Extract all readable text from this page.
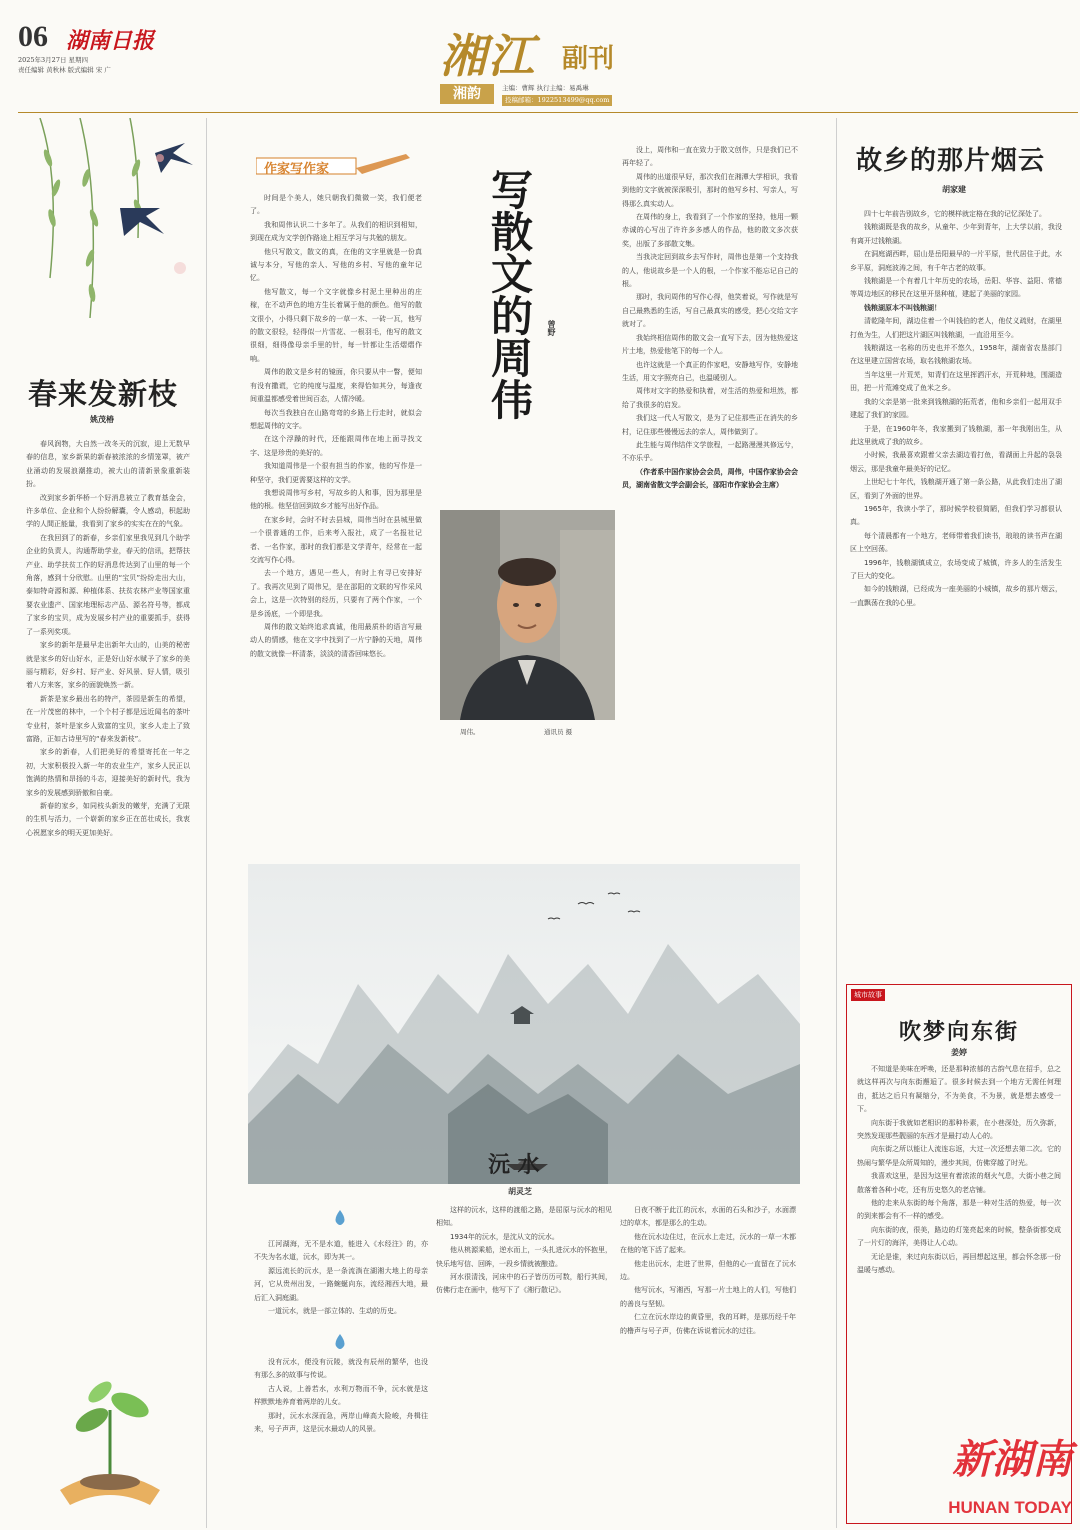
06 湖南日报
2025年3月27日 星期四
责任编辑 黄秋林 版式编辑 宋 广	湘江 副刊
湘韵	主编：曹辉 执行主编：易禹琳
投稿邮箱：1922513499@qq.com
春来发新枝
姚茂椿

春风润物，大自然一改冬天的沉寂，迎上无数早春的信息，家乡新果的新春被浓浓的乡情笼罩，被产业涌动的发展浪潮推动，被大山的清新景象重新装扮。

改到家乡新华桥一个好消息被立了教育基金会，许多单位、企业和个人纷纷解囊，令人感动，积起助学的人間正能量，我看到了家乡的实实在在的气象。

在我回到了的新春，乡亲们家里我见到几个助学企业的负责人，沟通帮助学业，春天的信讯，把帮扶产业、助学扶贫工作的好消息传达到了山里的每一个角落，感到十分欣慰。山里的“宝贝”纷纷走出大山，泰如特奇源和源、种植体系、扶贫农林产业等国家重要农业遗产、国家地理标志产品、源名符号等，都成了家乡的宝贝，成为发展乡村产业的重要抓手，获得了一系列奖项。

家乡的新年是最早走出新年大山的，山美的秘密就是家乡的好山好水，正是好山好水赋予了家乡的美丽与精彩，好乡村、好产业、好风景、好人情，吸引着八方来客，家乡的面貌焕然一新。

新茶是家乡最出名的特产，茶园是新生的希望，在一片茂密的林中，一个个村子都是远近闻名的茶叶专业村，茶叶是家乡人致富的宝贝，家乡人走上了致富路，正如古诗里写的“春来发新枝”。

家乡的新春，人们把美好的希望寄托在一年之初，大家积极投入新一年的农业生产，家乡人民正以饱满的热情和昂扬的斗志，迎接美好的新时代，我为家乡的发展感到骄傲和自豪。

新春的家乡，如同枝头新发的嫩芽，充满了无限的生机与活力，一个崭新的家乡正在茁壮成长，我衷心祝愿家乡的明天更加美好。

作家写作家

时间是个美人，她只朝我们微微一笑，我们便老了。

我和周伟认识二十多年了。从我们的相识到相知，到现在成为文学创作路途上相互学习与共勉的朋友。

他只写散文，散文的真，在他的文字里就是一份真诚与本分，写他的亲人、写他的乡村、写他的童年记忆。

他写散文，每一个文字就像乡村泥土里种出的庄稼，在不动声色的地方生长着属于他的颜色。他写的散文很小，小得只剩下故乡的一草一木、一砖一瓦，他写的散文很轻，轻得似一片雪花、一根羽毛，他写的散文很细，细得像母亲手里的针，每一针都让生活熠熠作响。

周伟的散文是乡村的镜面，你只要从中一瞥，便知有没有撒谎，它的纯度与温度，来得恰如其分，每逢夜间重温都感受着世间百态，人情冷暖。

每次当我独自在山路弯弯的乡路上行走时，就似会想起周伟的文字。

在这个浮躁的时代，还能跟周伟在地上面寻找文字、这是珍贵的美好的。

我知道周伟是一个很有担当的作家，他的写作是一种坚守，我们更需要这样的文学。

我想说周伟写乡村，写故乡的人和事，因为那里是他的根。他坚信回到故乡才能写出好作品。

在家乡时，会时不时去县城，周伟当时在县城里做一个很普通的工作，后来考入报社，成了一名报社记者、一名作家，那时的我们都是文学青年，经常在一起交流写作心得。

去一个地方，遇见一些人，有时上有寻已安排好了。我再次见到了周伟兄，是在邵阳的文联的写作采风会上，这是一次特别的经历，只要有了两个作家，一个是乡汤底，一个即是我。

周伟的散文始终追求真诚，他用最质朴的语言写最动人的情感，他在文字中找到了一片宁静的天地，周伟的散文就像一杯清茶，淡淡的清香回味悠长。

写散文的周伟	曾野
周伟。	通讯员 摄

没上，周伟和一直在致力于散文创作，只是我们已不再年轻了。

周伟的出道很早好，那次我们在湘潭大学相识，我看到他的文字就被深深吸引，那时的他写乡村、写亲人，写得那么真实动人。

在周伟的身上，我看到了一个作家的坚持，他用一颗赤诚的心写出了许许多多感人的作品，他的散文多次获奖，出版了多部散文集。

当我决定回到故乡去写作时，周伟也是第一个支持我的人，他说故乡是一个人的根，一个作家不能忘记自己的根。

那时，我问周伟的写作心得，他笑着说，写作就是写自己最熟悉的生活，写自己最真实的感受，把心交给文字就对了。

我始终相信周伟的散文会一直写下去，因为他热爱这片土地，热爱他笔下的每一个人。

也许这就是一个真正的作家吧，安静地写作，安静地生活，用文字照亮自己，也温暖别人。

周伟对文字的热爱和执着，对生活的热爱和坦然，都给了我很多的启发。

我们这一代人写散文，是为了记住那些正在消失的乡村，记住那些慢慢远去的亲人，周伟做到了。

此生能与周伟结伴文学旅程，一起路漫漫其修远兮，不亦乐乎。

（作者系中国作家协会会员，周伟，中国作家协会会员，湖南省散文学会副会长，邵阳市作家协会主席）

沅 水
胡灵芝

江河湖海，无不是水道，能进入《水经注》的，亦不失为名水道，沅水，即为其一。

源远流长的沅水，是一条流淌在湖湘大地上的母亲河，它从贵州出发，一路蜿蜒向东，流经湘西大地，最后汇入洞庭湖。

一道沅水，就是一部立体的、生动的历史。

没有沅水，便没有沅陵，就没有辰州的繁华，也没有那么多的故事与传说。

古人说，上善若水，水利万物而不争，沅水就是这样默默地养育着两岸的儿女。

那时，沅水水深而急，两岸山峰高大险峻，舟楫往来，号子声声，这是沅水最动人的风景。

这样的沅水，这样的渡船之路，是屈原与沅水的相见相知。

1934年的沅水，是沈从文的沅水。

他从桃源乘船，逆水而上，一头扎进沅水的怀抱里，快乐地写信、回眸，一段乡情就被酿造。

河水很清浅，河床中的石子皆历历可数，船行其间，仿佛行走在画中，他写下了《湘行散记》。

日夜不断于此江的沅水，水面的石头和沙子，水面漂过的草木，都是那么的生动。

他在沅水边住过，在沅水上走过，沅水的一草一木都在他的笔下活了起来。

他走出沅水，走进了世界，但他的心一直留在了沅水边。

他写沅水，写湘西，写那一片土地上的人们，写他们的善良与坚韧。

仁立在沅水岸边的黄昏里，我的耳畔，是那历经千年的橹声与号子声，仿佛在诉说着沅水的过往。

故乡的那片烟云
胡家建

四十七年前告别故乡，它的模样就定格在我的记忆深处了。

钱粮湖既是我的故乡，从童年、少年到青年，上大学以前，我没有离开过钱粮湖。

在洞庭湖西畔，屈山是岳阳最早的一片平原，世代居住于此，水乡平原，洞庭波涛之间，有千年古老的故事。

钱粮湖是一个有着几十年历史的农场，岳阳、华容、益阳、常德等周边地区的移民在这里开垦种植，建起了美丽的家园。

钱粮湖原本不叫钱粮湖！

清乾隆年间，湖边住着一个叫钱伯的老人，他仗义疏财，在湖里打鱼为生，人们把这片湖区叫钱粮湖，一直沿用至今。

钱粮湖这一名称的历史也并不悠久，1958年，湖南省农垦部门在这里建立国营农场，取名钱粮湖农场。

当年这里一片荒芜，知青们在这里挥洒汗水，开荒种地，围湖造田，把一片荒滩变成了鱼米之乡。

我的父亲是第一批来到钱粮湖的拓荒者，他和乡亲们一起用双手建起了我们的家园。

于是，在1960年冬，我家搬到了钱粮湖，那一年我刚出生，从此这里就成了我的故乡。

小时候，我最喜欢跟着父亲去湖边看打鱼，看湖面上升起的袅袅烟云，那是我童年最美好的记忆。

上世纪七十年代，钱粮湖开通了第一条公路，从此我们走出了湖区，看到了外面的世界。

1965年，我读小学了，那时候学校很简陋，但我们学习都很认真。

每个清晨都有一个地方，老师带着我们读书，琅琅的读书声在湖区上空回荡。

1996年，钱粮湖镇成立，农场变成了城镇，许多人的生活发生了巨大的变化。

如今的钱粮湖，已经成为一座美丽的小城镇，故乡的那片烟云，一直飘荡在我的心里。

城市故事
吹梦向东街
姜婷

不知道是美味在呼唤，还是那种浓郁的古韵气息在招手，总之就这样再次与向东街邂逅了。很多时候去到一个地方无需任何理由，抵达之后只有凝缩分，不为美食，不为景，就是想去感受一下。

向东街于我就如老相识的那种朴素，在小巷深处，历久弥新，突然发现那些靓丽的东西才是最打动人心的。

向东街之所以能让人流连忘返，大过一次还想去第二次。它的热闹与繁华是众所周知的，漫步其间，仿佛穿越了时光。

我喜欢这里，是因为这里有着浓浓的烟火气息，大街小巷之间散落着各种小吃，还有历史悠久的老店铺。

他的走来从东街的每个角落，那是一种对生活的热爱，每一次的到来都会有不一样的感受。

向东街的夜，很美，路边的灯笼亮起来的时候，整条街都变成了一片灯的海洋，美得让人心动。

无论是谁，来过向东街以后，再回想起这里，都会怀念那一份温暖与感动。

新湖南
HUNAN TODAY
